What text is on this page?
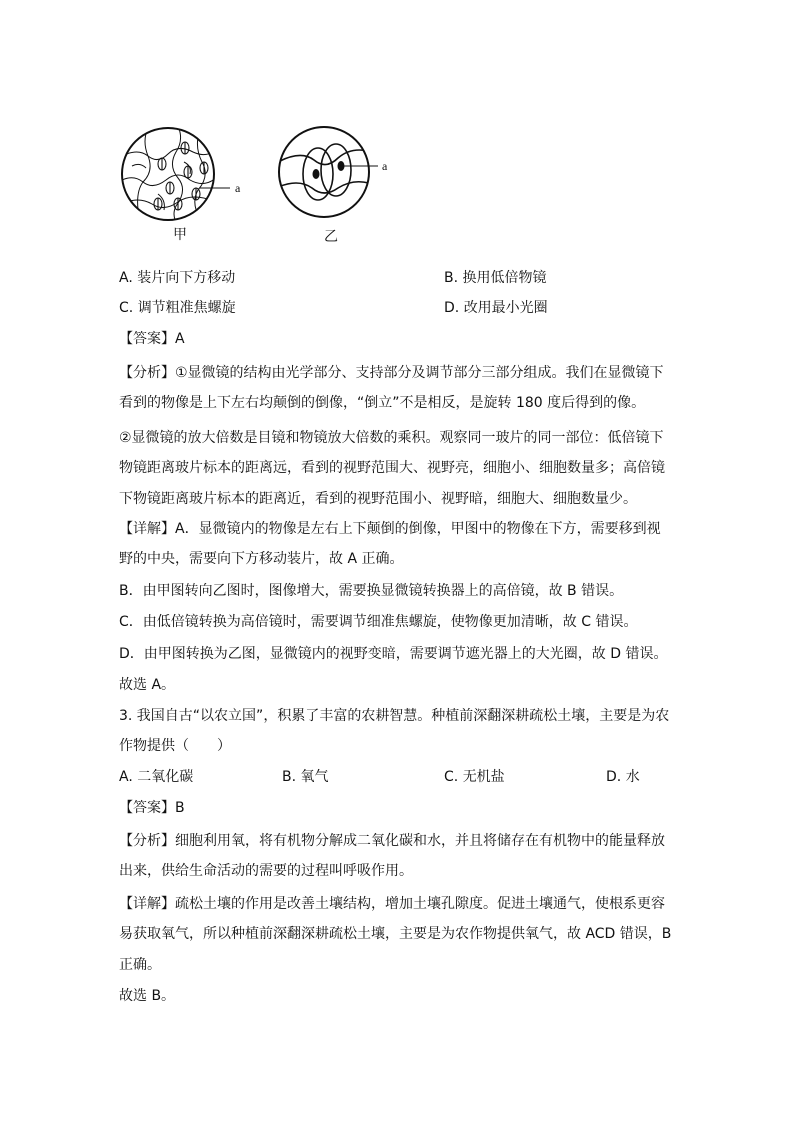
a
甲
a
乙
A. 装片向下方移动	B. 换用低倍物镜
C. 调节粗准焦螺旋	D. 改用最小光圈
【答案】A
【分析】①显微镜的结构由光学部分、支持部分及调节部分三部分组成。我们在显微镜下
看到的物像是上下左右均颠倒的倒像，“倒立”不是相反，是旋转 180 度后得到的像。
②显微镜的放大倍数是目镜和物镜放大倍数的乘积。观察同一玻片的同一部位：低倍镜下
物镜距离玻片标本的距离远，看到的视野范围大、视野亮，细胞小、细胞数量多；高倍镜
下物镜距离玻片标本的距离近，看到的视野范围小、视野暗，细胞大、细胞数量少。
【详解】A．显微镜内的物像是左右上下颠倒的倒像，甲图中的物像在下方，需要移到视
野的中央，需要向下方移动装片，故 A 正确。
B．由甲图转向乙图时，图像增大，需要换显微镜转换器上的高倍镜，故 B 错误。
C．由低倍镜转换为高倍镜时，需要调节细准焦螺旋，使物像更加清晰，故 C 错误。
D．由甲图转换为乙图，显微镜内的视野变暗，需要调节遮光器上的大光圈，故 D 错误。
故选 A。
3. 我国自古“以农立国”，积累了丰富的农耕智慧。种植前深翻深耕疏松土壤，主要是为农
作物提供（　　）
A. 二氧化碳	B. 氧气	C. 无机盐	D. 水
【答案】B
【分析】细胞利用氧，将有机物分解成二氧化碳和水，并且将储存在有机物中的能量释放
出来，供给生命活动的需要的过程叫呼吸作用。
【详解】疏松土壤的作用是改善土壤结构，增加土壤孔隙度。促进土壤通气，使根系更容
易获取氧气，所以种植前深翻深耕疏松土壤，主要是为农作物提供氧气，故 ACD 错误，B
正确。
故选 B。
